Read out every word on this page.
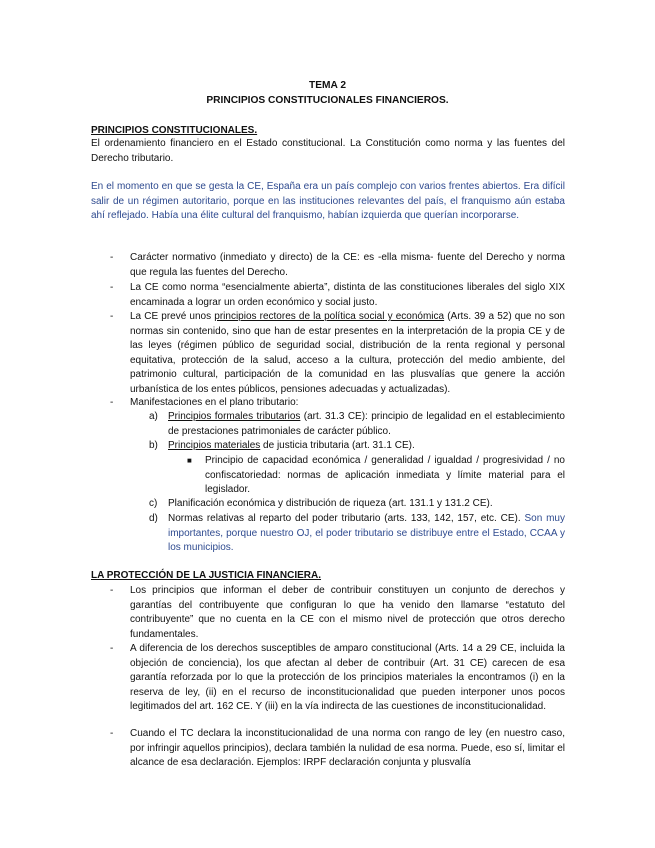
TEMA 2
PRINCIPIOS CONSTITUCIONALES FINANCIEROS.
PRINCIPIOS CONSTITUCIONALES.
El ordenamiento financiero en el Estado constitucional. La Constitución como norma y las fuentes del Derecho tributario.
En el momento en que se gesta la CE, España era un país complejo con varios frentes abiertos. Era difícil salir de un régimen autoritario, porque en las instituciones relevantes del país, el franquismo aún estaba ahí reflejado. Había una élite cultural del franquismo, habían izquierda que querían incorporarse.
- Carácter normativo (inmediato y directo) de la CE: es -ella misma- fuente del Derecho y norma que regula las fuentes del Derecho.
- La CE como norma “esencialmente abierta”, distinta de las constituciones liberales del siglo XIX encaminada a lograr un orden económico y social justo.
- La CE prevé unos principios rectores de la política social y económica (Arts. 39 a 52) que no son normas sin contenido, sino que han de estar presentes en la interpretación de la propia CE y de las leyes (régimen público de seguridad social, distribución de la renta regional y personal equitativa, protección de la salud, acceso a la cultura, protección del medio ambiente, del patrimonio cultural, participación de la comunidad en las plusvalías que genere la acción urbanística de los entes públicos, pensiones adecuadas y actualizadas).
- Manifestaciones en el plano tributario:
a) Principios formales tributarios (art. 31.3 CE): principio de legalidad en el establecimiento de prestaciones patrimoniales de carácter público.
b) Principios materiales de justicia tributaria (art. 31.1 CE).
■ Principio de capacidad económica / generalidad / igualdad / progresividad / no confiscatoriedad: normas de aplicación inmediata y límite material para el legislador.
c) Planificación económica y distribución de riqueza (art. 131.1 y 131.2 CE).
d) Normas relativas al reparto del poder tributario (arts. 133, 142, 157, etc. CE). Son muy importantes, porque nuestro OJ, el poder tributario se distribuye entre el Estado, CCAA y los municipios.
LA PROTECCIÓN DE LA JUSTICIA FINANCIERA.
- Los principios que informan el deber de contribuir constituyen un conjunto de derechos y garantías del contribuyente que configuran lo que ha venido den llamarse “estatuto del contribuyente” que no cuenta en la CE con el mismo nivel de protección que otros derecho fundamentales.
- A diferencia de los derechos susceptibles de amparo constitucional (Arts. 14 a 29 CE, incluida la objeción de conciencia), los que afectan al deber de contribuir (Art. 31 CE) carecen de esa garantía reforzada por lo que la protección de los principios materiales la encontramos (i) en la reserva de ley, (ii) en el recurso de inconstitucionalidad que pueden interponer unos pocos legitimados del art. 162 CE. Y (iii) en la vía indirecta de las cuestiones de inconstitucionalidad.
- Cuando el TC declara la inconstitucionalidad de una norma con rango de ley (en nuestro caso, por infringir aquellos principios), declara también la nulidad de esa norma. Puede, eso sí, limitar el alcance de esa declaración. Ejemplos: IRPF declaración conjunta y plusvalía
